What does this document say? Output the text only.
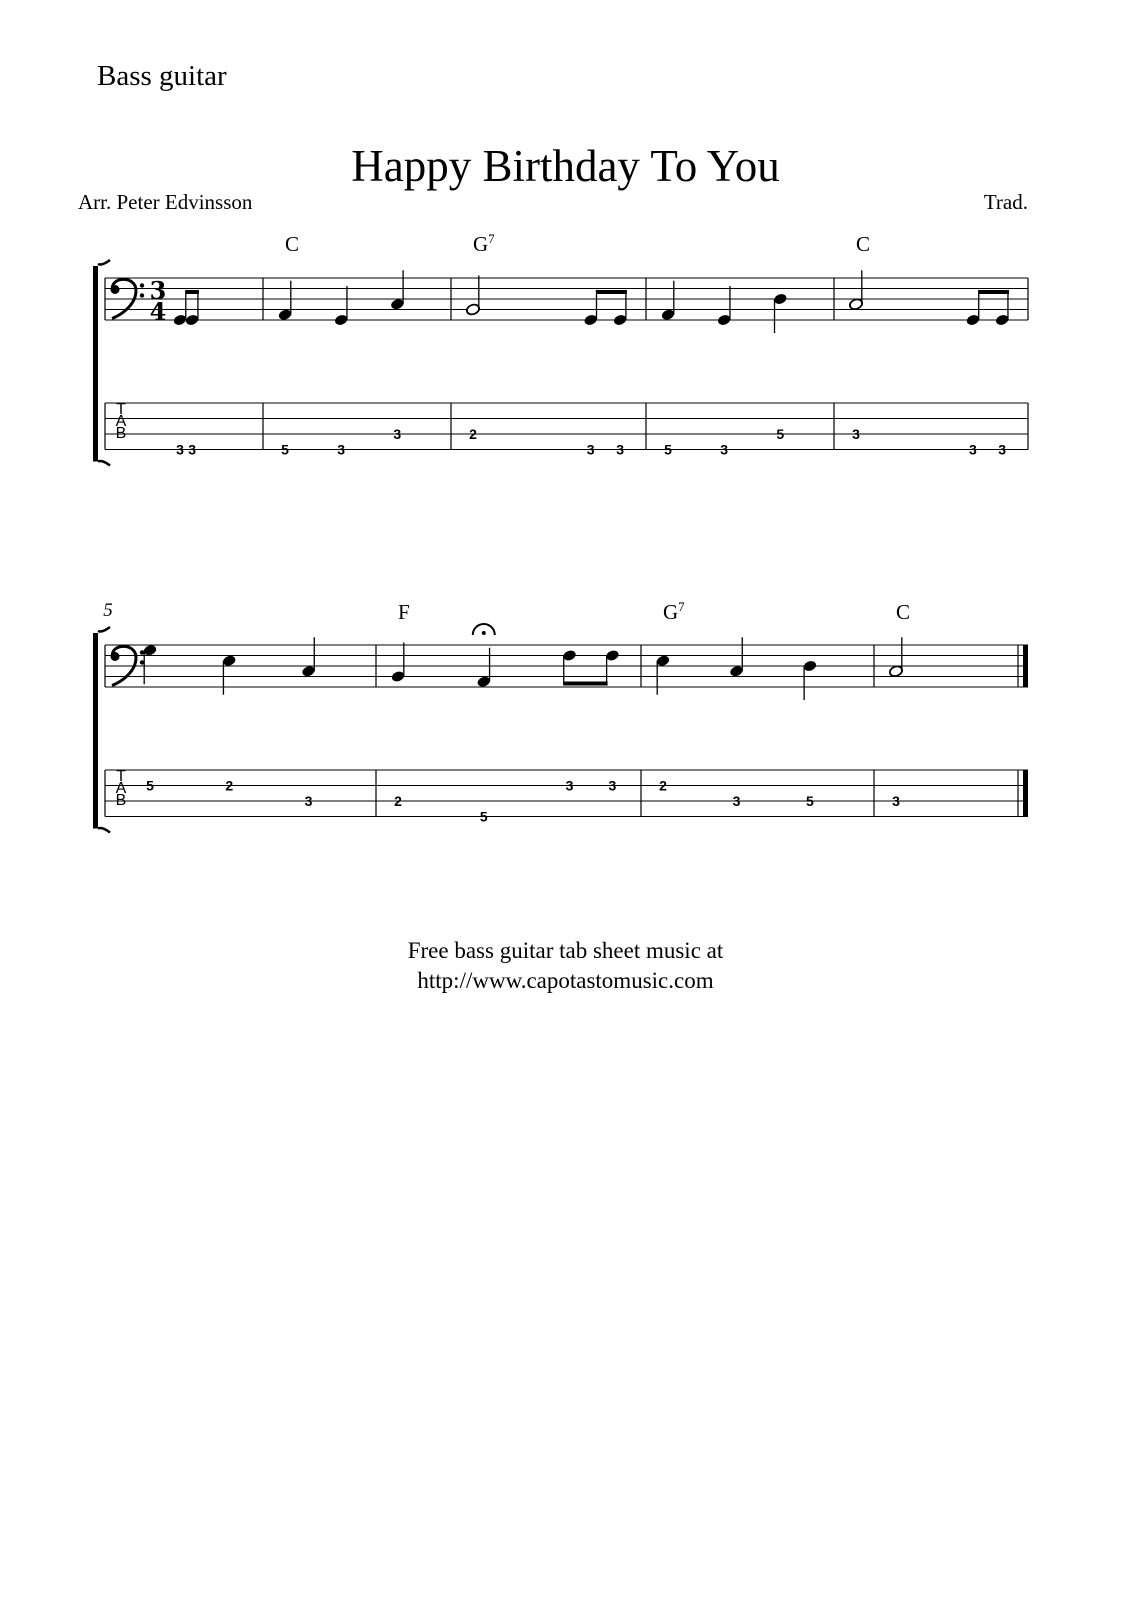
Bass guitar
Happy Birthday To You
Arr. Peter Edvinsson	Trad.
3
4
T
A
B
3 3
C
5	3
3
$G^7$
2
3 3	5	3
5
C
3
3 3
T
A
B
5
5	2
3
F
2
5
3	3
$G^7$
2
3	5
C
3
Free bass guitar tab sheet music at
http://www.capotastomusic.com
